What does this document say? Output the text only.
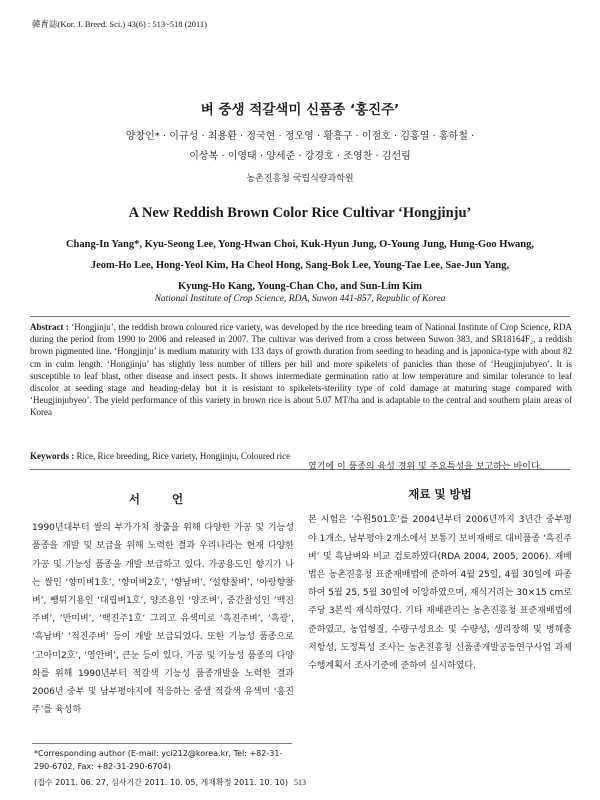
韓育誌(Kor. J. Breed. Sci.) 43(6) : 513~518 (2011)
벼 중생 적갈색미 신품종 ‘홍진주’
양창인* · 이규성 · 최용환 · 정국현 · 정오영 · 황흥구 · 이점호 · 김홍열 · 홍하철 ·
이상복 · 이영태 · 양세준 · 강경호 · 조영찬 · 김선림
농촌진흥청 국립식량과학원
A New Reddish Brown Color Rice Cultivar ‘Hongjinju’
Chang-In Yang*, Kyu-Seong Lee, Yong-Hwan Choi, Kuk-Hyun Jung, O-Young Jung, Hung-Goo Hwang,
Jeom-Ho Lee, Hong-Yeol Kim, Ha Cheol Hong, Sang-Bok Lee, Young-Tae Lee, Sae-Jun Yang,
Kyung-Ho Kang, Young-Chan Cho, and Sun-Lim Kim
National Institute of Crop Science, RDA, Suwon 441-857, Republic of Korea
Abstract : ‘Hongjinju’, the reddish brown coloured rice variety, was developed by the rice breeding team of National Institute of Crop Science, RDA during the period from 1990 to 2006 and released in 2007. The cultivar was derived from a cross between Suwon 383, and SR18164F₂, a reddish brown pigmented line. ‘Hongjinju’ is medium maturity with 133 days of growth duration from seeding to heading and is japonica-type with about 82 cm in culm length. ‘Hongjinju’ has slightly less number of tillers per hill and more spikelets of panicles than those of ‘Heugjinjubyeo’. It is susceptible to leaf blast, other disease and insect pests. It shows intermediate germination ratio at low temperature and similar tolerance to leaf discolor at seeding stage and heading-delay but it is resistant to spikelets-sterility type of cold damage at maturing stage compared with ‘Heugjinjubyeo’. The yield performance of this variety in brown rice is about 5.07 MT/ha and is adaptable to the central and southern plain areas of Korea
Keywords : Rice, Rice breeding, Rice variety, Hongjinju, Coloured rice
서 언

1990년대부터 쌀의 부가가치 창출을 위해 다양한 가공 및 기능성 품종을 개발 및 보급을 위해 노력한 결과 우리나라는 현재 다양한 가공 및 기능성 품종을 개발 보급하고 있다. 가공용도인 향기가 나는 쌀인 ‘향미벼1호’, ‘향미벼2호’, ‘향남벼’, ‘설향찰벼’, ‘아랑향찰벼’, 뺑튀기용인 ‘대립벼1호’, 양조용인 ‘양조벼’, 중간찰성인 ‘백진주벼’, ‘만미벼’, ‘백진주1호’ 그리고 유색미로 ‘흑진주벼’, ‘흑광’, ‘흑남벼’ ‘적진주벼’ 등이 개발 보급되었다. 또한 기능성 품종으로 ‘고아미2호’, ‘영안벼’, 큰눈 등이 있다. 가공 및 기능성 품종의 다양화를 위해 1990년부터 적갈색 기능성 품종개발을 노력한 결과 2006년 중부 및 남부평야지에 적응하는 중생 적갈색 유색미 ‘홍진주’를 육성하

였기에 이 품종의 육성 경위 및 주요특성을 보고하는 바이다.

재료 및 방법

본 시험은 ‘수원501호’를 2004년부터 2006년까지 3년간 중부평야 1개소, 남부평야 2개소에서 보통기 보비재배로 대비품종 ‘흑진주벼’ 및 흑남벼와 비교 검토하였다(RDA 2004, 2005, 2006). 재배법은 농촌진흥청 표준재배법에 준하여 4월 25일, 4월 30일에 파종하여 5월 25, 5월 30일에 이앙하였으며, 재식거리는 30×15 cm로 주당 3본씩 재식하였다. 기타 재배관리는 농촌진흥청 표준재배법에 준하였고, 농업형질, 수량구성요소 및 수량성, 생리장해 및 병해충 저항성, 도정특성 조사는 농촌진흥청 신품종개발공동연구사업 과제 수행계획서 조사기준에 준하여 실시하였다.

*Corresponding author (E-mail: yci212@korea.kr, Tel: +82-31-290-6702, Fax: +82-31-290-6704)

(접수 2011. 06. 27, 심사기간 2011. 10. 05, 게재확정 2011. 10. 10) 513
